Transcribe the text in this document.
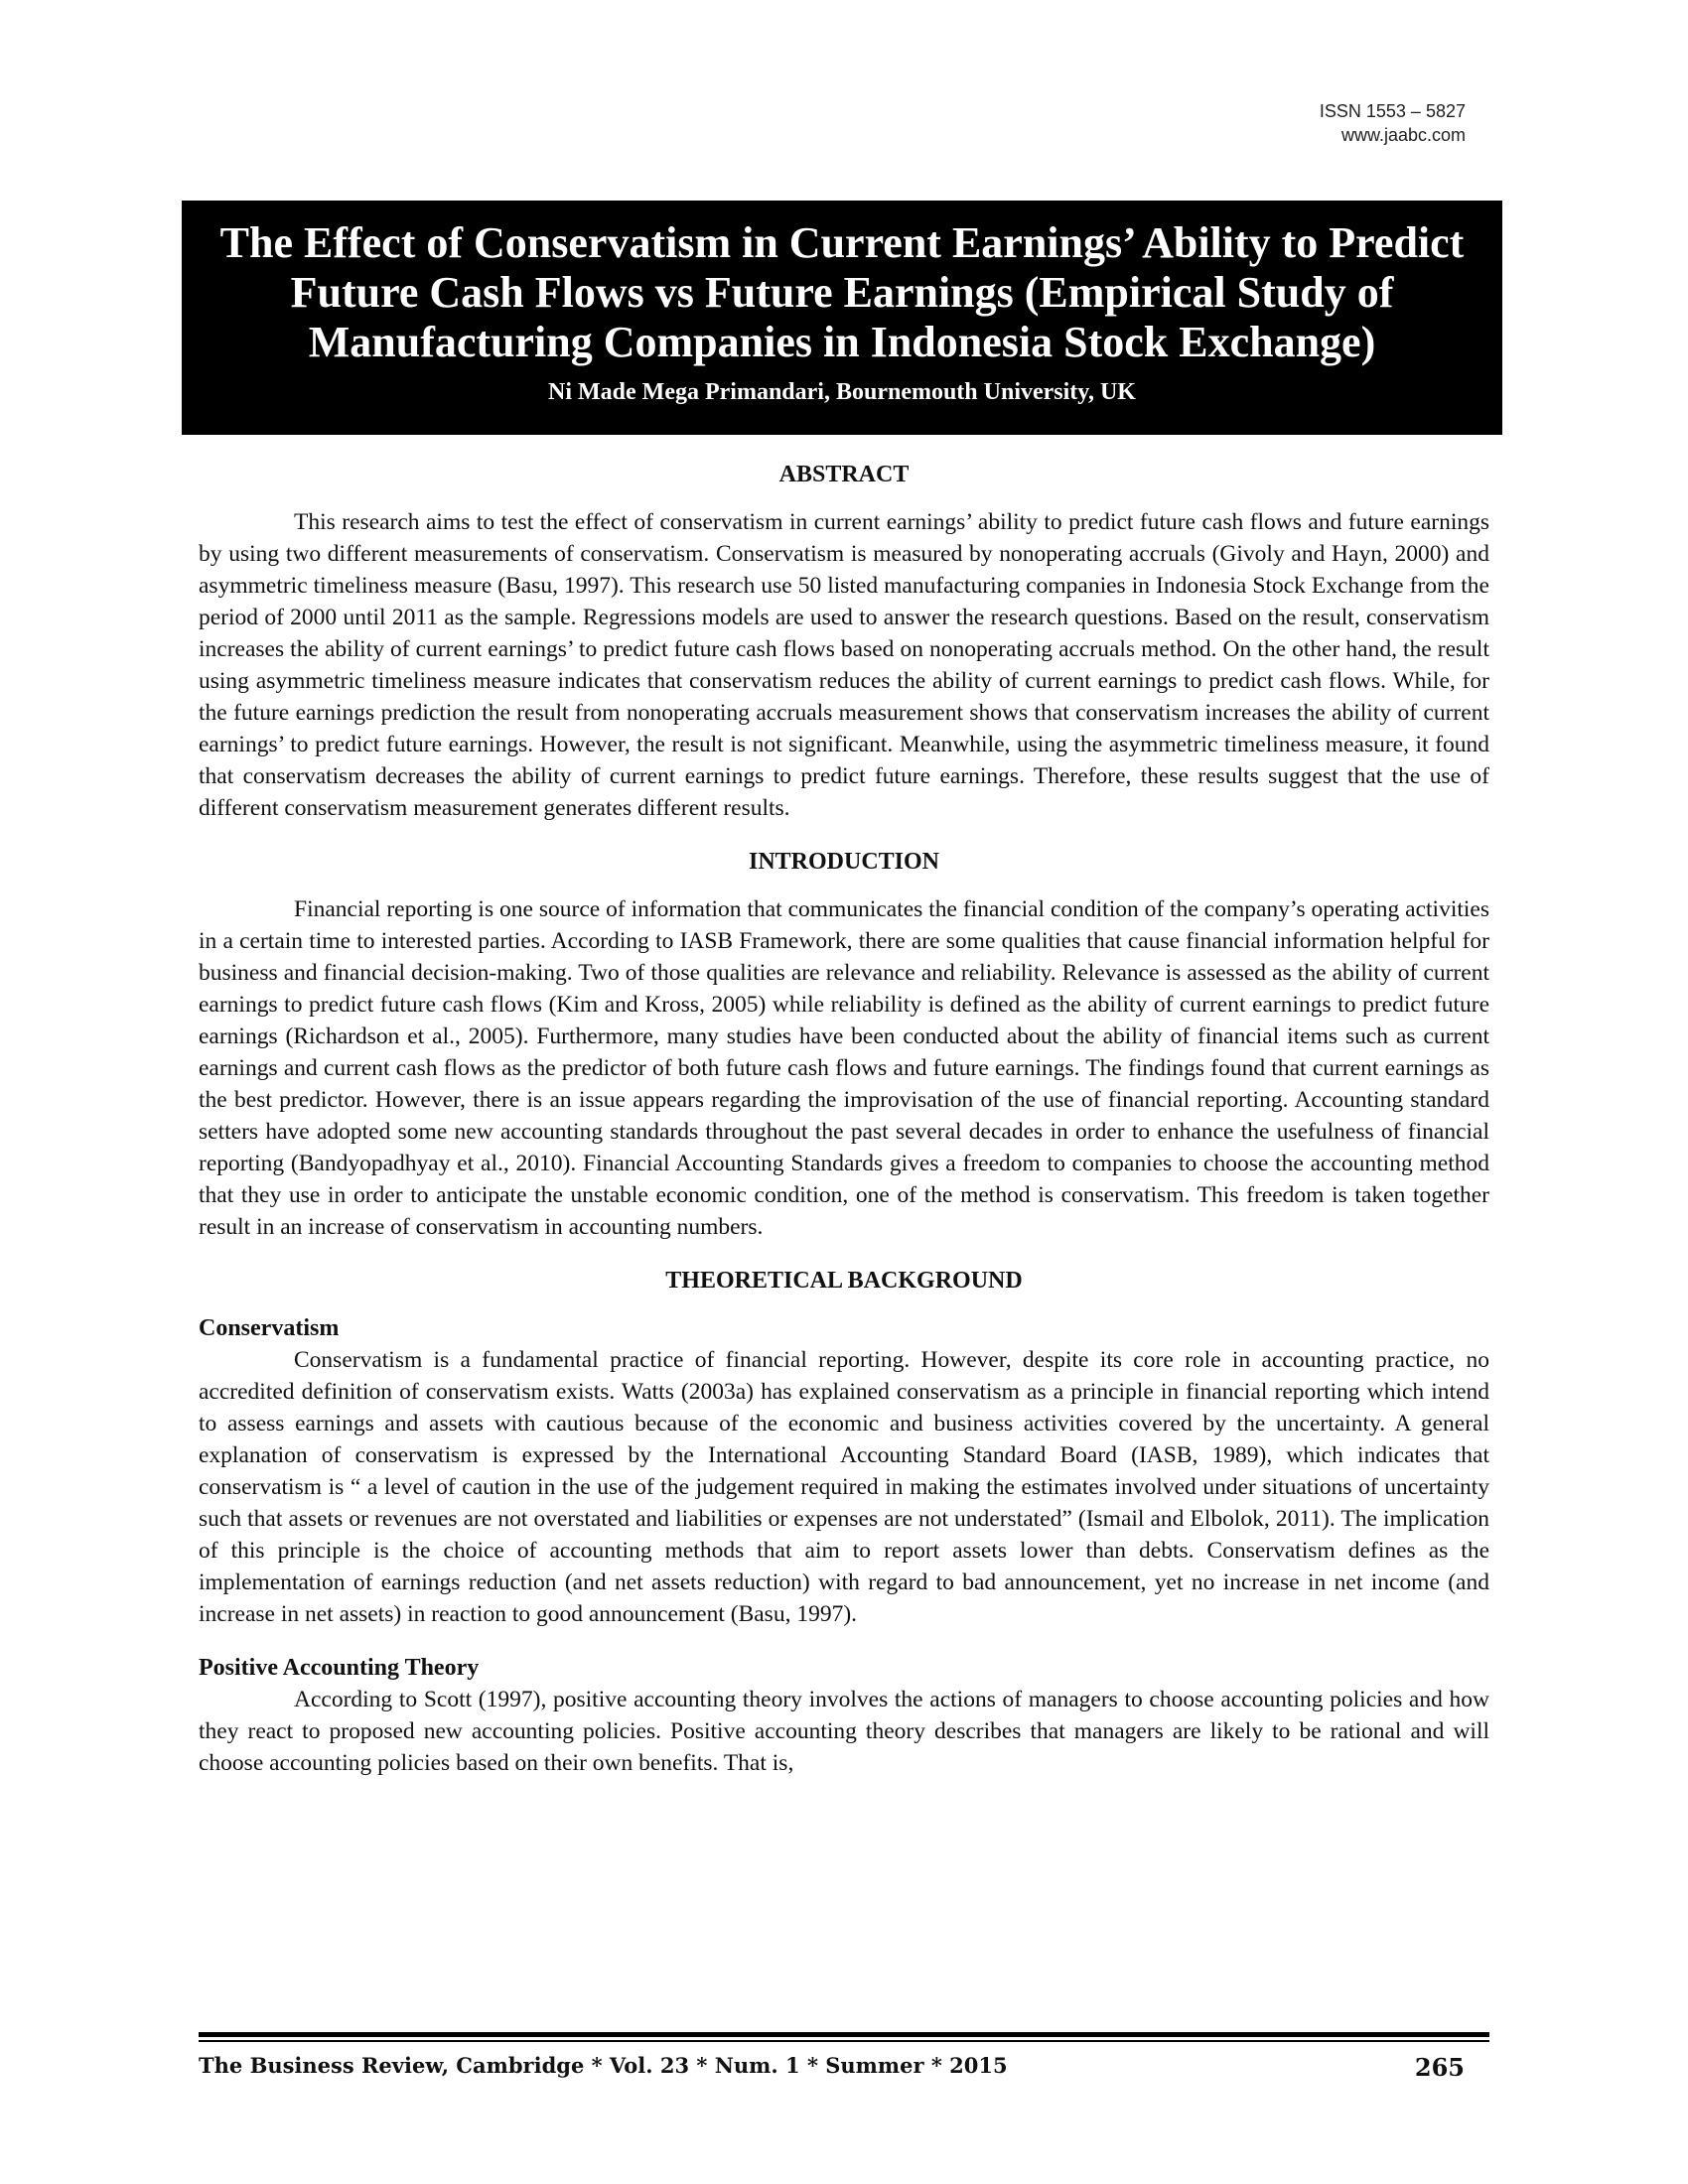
ISSN 1553 – 5827
www.jaabc.com
The Effect of Conservatism in Current Earnings’ Ability to Predict Future Cash Flows vs Future Earnings (Empirical Study of Manufacturing Companies in Indonesia Stock Exchange)
Ni Made Mega Primandari, Bournemouth University, UK
ABSTRACT

This research aims to test the effect of conservatism in current earnings’ ability to predict future cash flows and future earnings by using two different measurements of conservatism. Conservatism is measured by nonoperating accruals (Givoly and Hayn, 2000) and asymmetric timeliness measure (Basu, 1997). This research use 50 listed manufacturing companies in Indonesia Stock Exchange from the period of 2000 until 2011 as the sample. Regressions models are used to answer the research questions. Based on the result, conservatism increases the ability of current earnings’ to predict future cash flows based on nonoperating accruals method. On the other hand, the result using asymmetric timeliness measure indicates that conservatism reduces the ability of current earnings to predict cash flows. While, for the future earnings prediction the result from nonoperating accruals measurement shows that conservatism increases the ability of current earnings’ to predict future earnings. However, the result is not significant. Meanwhile, using the asymmetric timeliness measure, it found that conservatism decreases the ability of current earnings to predict future earnings. Therefore, these results suggest that the use of different conservatism measurement generates different results.

INTRODUCTION

Financial reporting is one source of information that communicates the financial condition of the company’s operating activities in a certain time to interested parties. According to IASB Framework, there are some qualities that cause financial information helpful for business and financial decision-making. Two of those qualities are relevance and reliability. Relevance is assessed as the ability of current earnings to predict future cash flows (Kim and Kross, 2005) while reliability is defined as the ability of current earnings to predict future earnings (Richardson et al., 2005). Furthermore, many studies have been conducted about the ability of financial items such as current earnings and current cash flows as the predictor of both future cash flows and future earnings. The findings found that current earnings as the best predictor. However, there is an issue appears regarding the improvisation of the use of financial reporting. Accounting standard setters have adopted some new accounting standards throughout the past several decades in order to enhance the usefulness of financial reporting (Bandyopadhyay et al., 2010). Financial Accounting Standards gives a freedom to companies to choose the accounting method that they use in order to anticipate the unstable economic condition, one of the method is conservatism. This freedom is taken together result in an increase of conservatism in accounting numbers.

THEORETICAL BACKGROUND
Conservatism

Conservatism is a fundamental practice of financial reporting. However, despite its core role in accounting practice, no accredited definition of conservatism exists. Watts (2003a) has explained conservatism as a principle in financial reporting which intend to assess earnings and assets with cautious because of the economic and business activities covered by the uncertainty. A general explanation of conservatism is expressed by the International Accounting Standard Board (IASB, 1989), which indicates that conservatism is “ a level of caution in the use of the judgement required in making the estimates involved under situations of uncertainty such that assets or revenues are not overstated and liabilities or expenses are not understated” (Ismail and Elbolok, 2011). The implication of this principle is the choice of accounting methods that aim to report assets lower than debts. Conservatism defines as the implementation of earnings reduction (and net assets reduction) with regard to bad announcement, yet no increase in net income (and increase in net assets) in reaction to good announcement (Basu, 1997).

Positive Accounting Theory

According to Scott (1997), positive accounting theory involves the actions of managers to choose accounting policies and how they react to proposed new accounting policies. Positive accounting theory describes that managers are likely to be rational and will choose accounting policies based on their own benefits. That is,

The Business Review, Cambridge * Vol. 23 * Num. 1 * Summer * 2015	265
